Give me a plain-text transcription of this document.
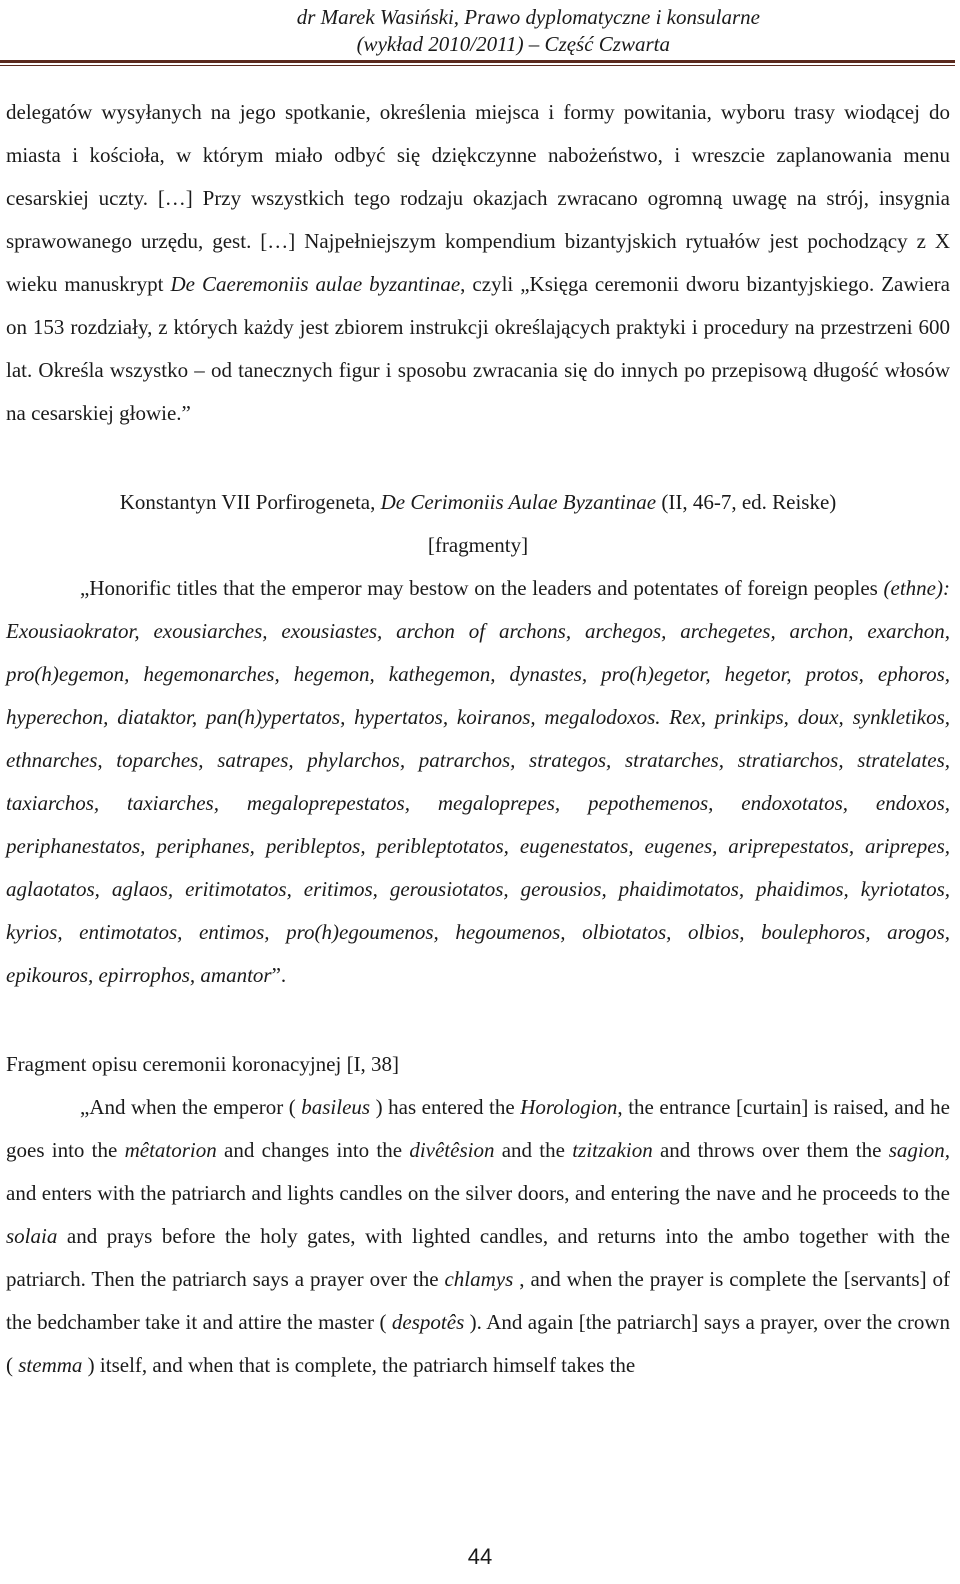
dr Marek Wasiński, Prawo dyplomatyczne i konsularne
(wykład 2010/2011) – Część Czwarta

delegatów wysyłanych na jego spotkanie, określenia miejsca i formy powitania, wyboru trasy wiodącej do miasta i kościoła, w którym miało odbyć się dziękczynne nabożeństwo, i wreszcie zaplanowania menu cesarskiej uczty. […] Przy wszystkich tego rodzaju okazjach zwracano ogromną uwagę na strój, insygnia sprawowanego urzędu, gest. […] Najpełniejszym kompendium bizantyjskich rytuałów jest pochodzący z X wieku manuskrypt De Caeremoniis aulae byzantinae, czyli „Księga ceremonii dworu bizantyjskiego. Zawiera on 153 rozdziały, z których każdy jest zbiorem instrukcji określających praktyki i procedury na przestrzeni 600 lat. Określa wszystko – od tanecznych figur i sposobu zwracania się do innych po przepisową długość włosów na cesarskiej głowie.”

Konstantyn VII Porfirogeneta, De Cerimoniis Aulae Byzantinae (II, 46-7, ed. Reiske)

[fragmenty]

„Honorific titles that the emperor may bestow on the leaders and potentates of foreign peoples (ethne): Exousiaokrator, exousiarches, exousiastes, archon of archons, archegos, archegetes, archon, exarchon, pro(h)egemon, hegemonarches, hegemon, kathegemon, dynastes, pro(h)egetor, hegetor, protos, ephoros, hyperechon, diataktor, pan(h)ypertatos, hypertatos, koiranos, megalodoxos. Rex, prinkips, doux, synkletikos, ethnarches, toparches, satrapes, phylarchos, patrarchos, strategos, stratarches, stratiarchos, stratelates, taxiarchos, taxiarches, megaloprepestatos, megaloprepes, pepothemenos, endoxotatos, endoxos, periphanestatos, periphanes, peribleptos, peribleptotatos, eugenestatos, eugenes, ariprepestatos, ariprepes, aglaotatos, aglaos, eritimotatos, eritimos, gerousiotatos, gerousios, phaidimotatos, phaidimos, kyriotatos, kyrios, entimotatos, entimos, pro(h)egoumenos, hegoumenos, olbiotatos, olbios, boulephoros, arogos, epikouros, epirrophos, amantor”.

Fragment opisu ceremonii koronacyjnej [I, 38]

„And when the emperor ( basileus ) has entered the Horologion, the entrance [curtain] is raised, and he goes into the mêtatorion and changes into the divêtêsion and the tzitzakion and throws over them the sagion, and enters with the patriarch and lights candles on the silver doors, and entering the nave and he proceeds to the solaia and prays before the holy gates, with lighted candles, and returns into the ambo together with the patriarch. Then the patriarch says a prayer over the chlamys , and when the prayer is complete the [servants] of the bedchamber take it and attire the master ( despotês ). And again [the patriarch] says a prayer, over the crown ( stemma ) itself, and when that is complete, the patriarch himself takes the

44
